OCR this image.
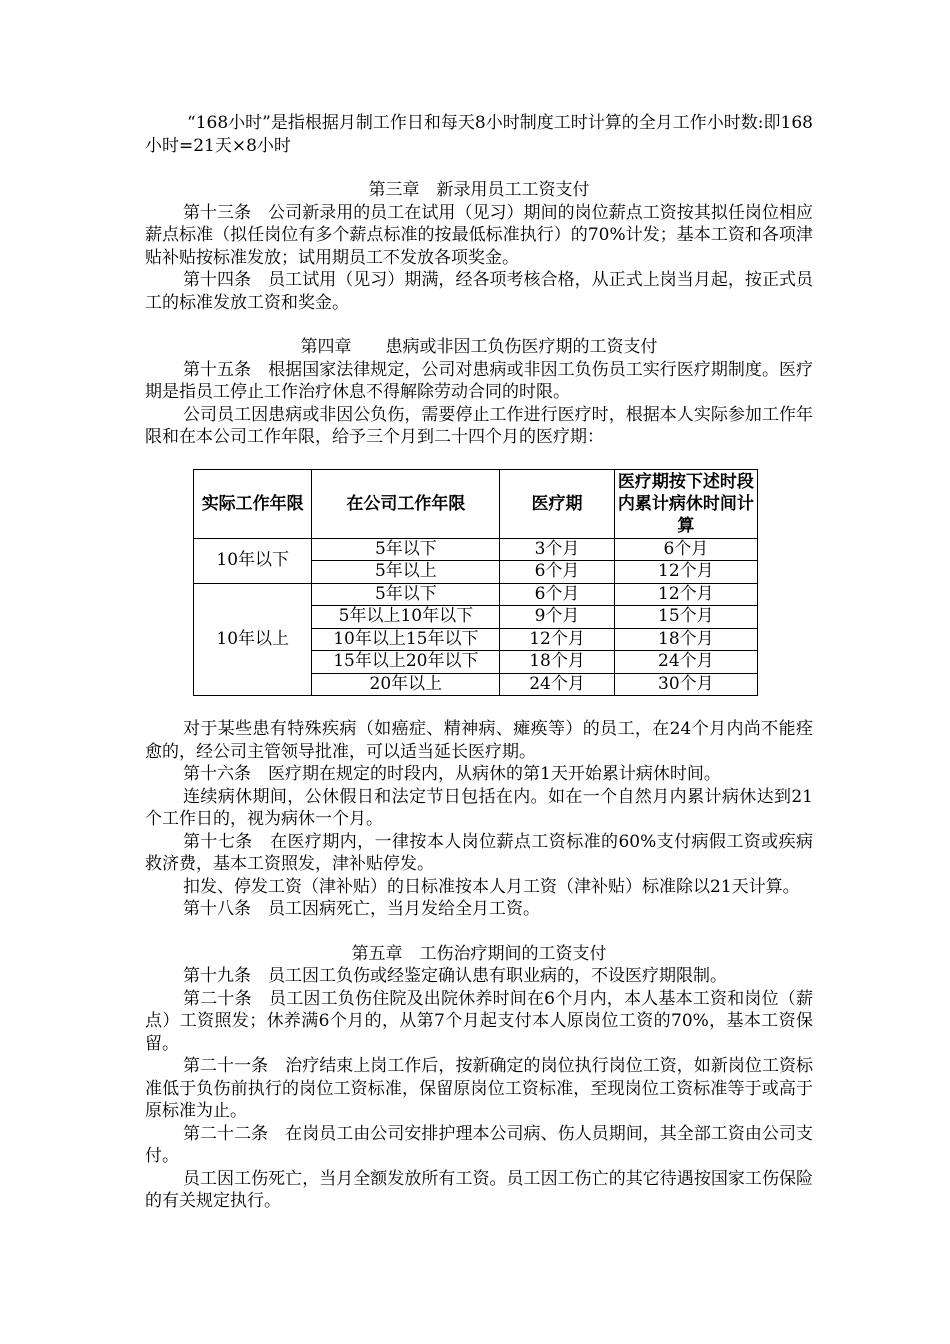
“168小时”是指根据月制工作日和每天8小时制度工时计算的全月工作小时数:即168小时=21天×8小时

第三章　新录用员工工资支付

第十三条　公司新录用的员工在试用（见习）期间的岗位薪点工资按其拟任岗位相应薪点标准（拟任岗位有多个薪点标准的按最低标准执行）的70%计发；基本工资和各项津贴补贴按标准发放；试用期员工不发放各项奖金。

第十四条　员工试用（见习）期满，经各项考核合格，从正式上岗当月起，按正式员工的标准发放工资和奖金。

第四章　　患病或非因工负伤医疗期的工资支付

第十五条　根据国家法律规定，公司对患病或非因工负伤员工实行医疗期制度。医疗期是指员工停止工作治疗休息不得解除劳动合同的时限。

公司员工因患病或非因公负伤，需要停止工作进行医疗时，根据本人实际参加工作年限和在本公司工作年限，给予三个月到二十四个月的医疗期：

实际工作年限	在公司工作年限	医疗期	医疗期按下述时段内累计病休时间计算
10年以下	5年以下	3个月	6个月
	5年以上	6个月	12个月
10年以上	5年以下	6个月	12个月
	5年以上10年以下	9个月	15个月
	10年以上15年以下	12个月	18个月
	15年以上20年以下	18个月	24个月
	20年以上	24个月	30个月

对于某些患有特殊疾病（如癌症、精神病、瘫痪等）的员工，在24个月内尚不能痊愈的，经公司主管领导批准，可以适当延长医疗期。

第十六条　医疗期在规定的时段内，从病休的第1天开始累计病休时间。

连续病休期间，公休假日和法定节日包括在内。如在一个自然月内累计病休达到21个工作日的，视为病休一个月。

第十七条　在医疗期内，一律按本人岗位薪点工资标准的60%支付病假工资或疾病救济费，基本工资照发，津补贴停发。

扣发、停发工资（津补贴）的日标准按本人月工资（津补贴）标准除以21天计算。

第十八条　员工因病死亡，当月发给全月工资。

第五章　工伤治疗期间的工资支付

第十九条　员工因工负伤或经鉴定确认患有职业病的，不设医疗期限制。

第二十条　员工因工负伤住院及出院休养时间在6个月内，本人基本工资和岗位（薪点）工资照发；休养满6个月的，从第7个月起支付本人原岗位工资的70%，基本工资保留。

第二十一条　治疗结束上岗工作后，按新确定的岗位执行岗位工资，如新岗位工资标准低于负伤前执行的岗位工资标准，保留原岗位工资标准，至现岗位工资标准等于或高于原标准为止。

第二十二条　在岗员工由公司安排护理本公司病、伤人员期间，其全部工资由公司支付。

员工因工伤死亡，当月全额发放所有工资。员工因工伤亡的其它待遇按国家工伤保险的有关规定执行。
